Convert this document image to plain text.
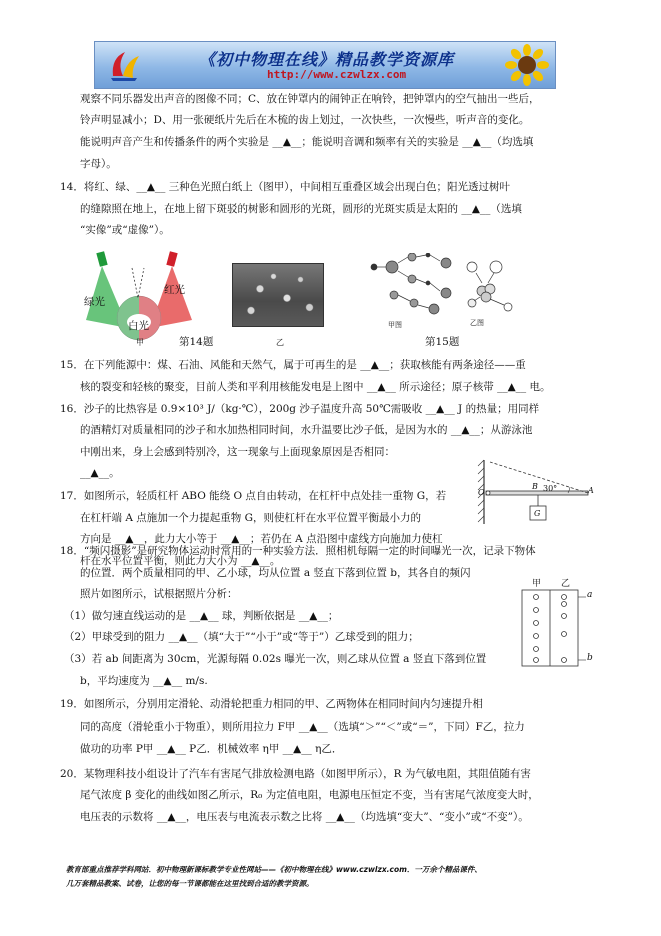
《初中物理在线》精品教学资源库
http://www.czwlzx.com
观察不同乐器发出声音的图像不同；C、放在钟罩内的闹钟正在响铃，把钟罩内的空气抽出一些后，
铃声明显减小；D、用一张硬纸片先后在木梳的齿上划过，一次快些，一次慢些，听声音的变化。
能说明声音产生和传播条件的两个实验是 __▲__；能说明音调和频率有关的实验是 __▲__（均选填
字母）。
14．将红、绿、__▲__ 三种色光照白纸上（图甲），中间相互重叠区域会出现白色；阳光透过树叶
的缝隙照在地上，在地上留下斑驳的树影和圆形的光斑，圆形的光斑实质是太阳的 __▲__（选填
“实像”或“虚像”）。
绿光
红光
白光
甲	第14题	乙
甲图	乙图
第15题
15．在下列能源中：煤、石油、风能和天然气，属于可再生的是 __▲__；获取核能有两条途径——重
核的裂变和轻核的聚变，目前人类和平利用核能发电是上图中 __▲__ 所示途径；原子核带 __▲__ 电。
16．沙子的比热容是 0.9×10³ J/（kg·℃），200g 沙子温度升高 50℃需吸收 __▲__ J 的热量；用同样
的酒精灯对质量相同的沙子和水加热相同时间，水升温要比沙子低，是因为水的 __▲__；从游泳池
中刚出来，身上会感到特别冷，这一现象与上面现象原因是否相同：
__▲__。
17．如图所示，轻质杠杆 ABO 能绕 O 点自由转动，在杠杆中点处挂一重物 G，若
在杠杆端 A 点施加一个力提起重物 G，则使杠杆在水平位置平衡最小力的
方向是 __▲__，此力大小等于 __▲__；若仍在 A 点沿图中虚线方向施加力使杠
杆在水平位置平衡，则此力大小为 __▲__。
O
B	A
30°
G
18．“频闪摄影”是研究物体运动时常用的一种实验方法．照相机每隔一定的时间曝光一次，记录下物体
的位置．两个质量相同的甲、乙小球，均从位置 a 竖直下落到位置 b，其各自的频闪
照片如图所示，试根据照片分析：
（1）做匀速直线运动的是 __▲__ 球，判断依据是 __▲__；
（2）甲球受到的阻力 __▲__（填“大于”“小于”或“等于”）乙球受到的阻力；
（3）若 ab 间距离为 30cm，光源每隔 0.02s 曝光一次，则乙球从位置 a 竖直下落到位置
b，平均速度为 __▲__ m/s.
甲 乙
a
b
19．如图所示，分别用定滑轮、动滑轮把重力相同的甲、乙两物体在相同时间内匀速提升相
同的高度（滑轮重小于物重），则所用拉力 F甲 __▲__（选填“＞”“＜”或“＝”，下同）F乙，拉力
做功的功率 P甲 __▲__ P乙．机械效率 η甲 __▲__ η乙．
20．某物理科技小组设计了汽车有害尾气排放检测电路（如图甲所示），R 为气敏电阻，其阻值随有害
尾气浓度 β 变化的曲线如图乙所示，R₀ 为定值电阻，电源电压恒定不变，当有害尾气浓度变大时，
电压表的示数将 __▲__，电压表与电流表示数之比将 __▲__（均选填“变大”、“变小”或“不变”）。
教育部重点推荐学科网站．初中物理新课标教学专业性网站——《初中物理在线》www.czwlzx.com．一万余个精品课件、
几万套精品教案、试卷，让您的每一节课都能在这里找到合适的教学资源。
